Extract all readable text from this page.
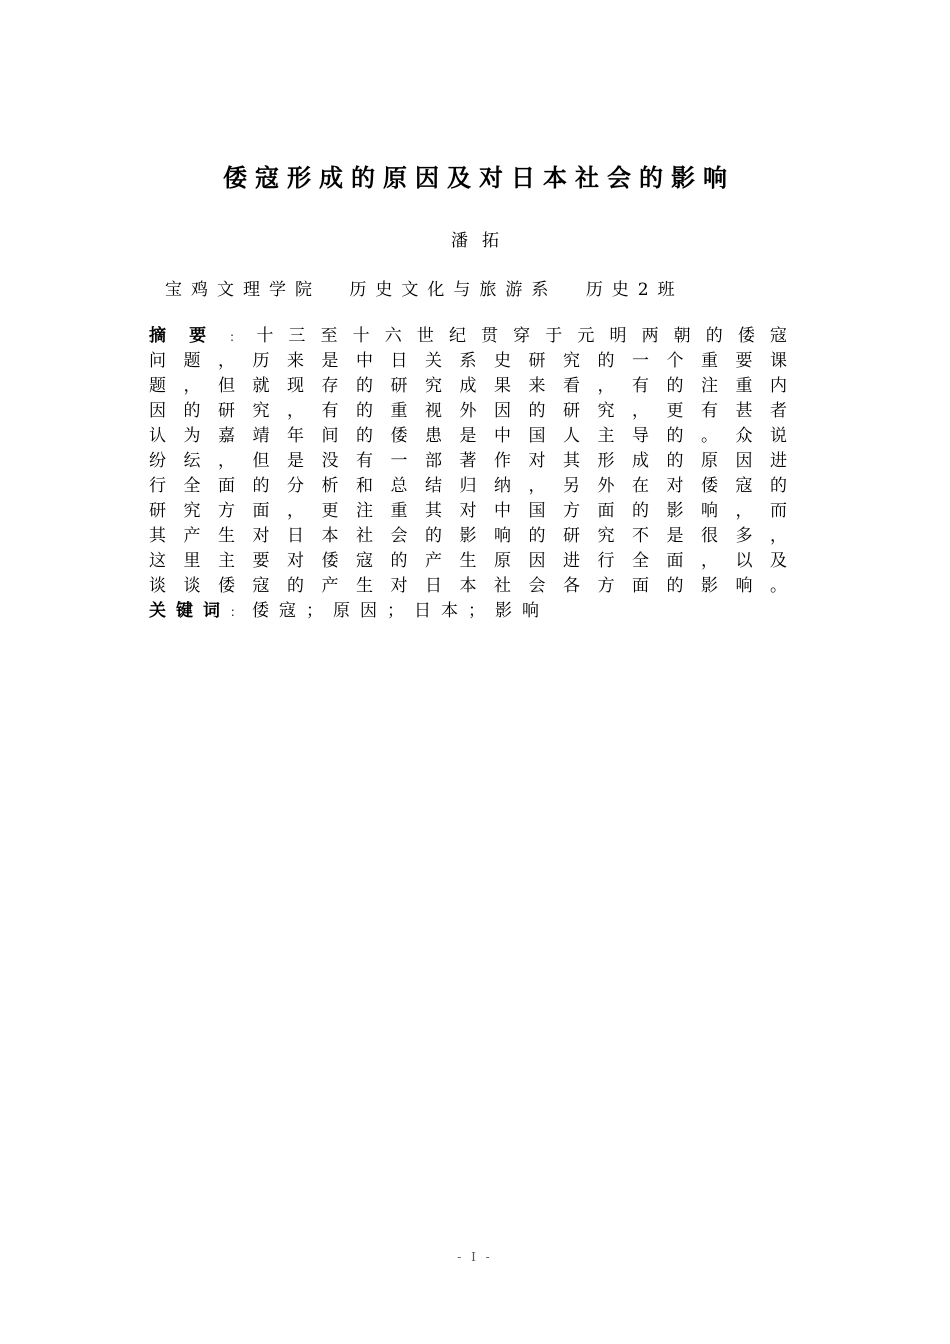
倭寇形成的原因及对日本社会的影响
潘拓
宝鸡文理学院 历史文化与旅游系 历史2班
摘要：十三至十六世纪贯穿于元明两朝的倭寇
问题，历来是中日关系史研究的一个重要课
题，但就现存的研究成果来看，有的注重内
因的研究，有的重视外因的研究，更有甚者
认为嘉靖年间的倭患是中国人主导的。众说
纷纭，但是没有一部著作对其形成的原因进
行全面的分析和总结归纳，另外在对倭寇的
研究方面，更注重其对中国方面的影响，而
其产生对日本社会的影响的研究不是很多，
这里主要对倭寇的产生原因进行全面，以及
谈谈倭寇的产生对日本社会各方面的影响。
关键词：倭寇；原因；日本；影响
- I -
